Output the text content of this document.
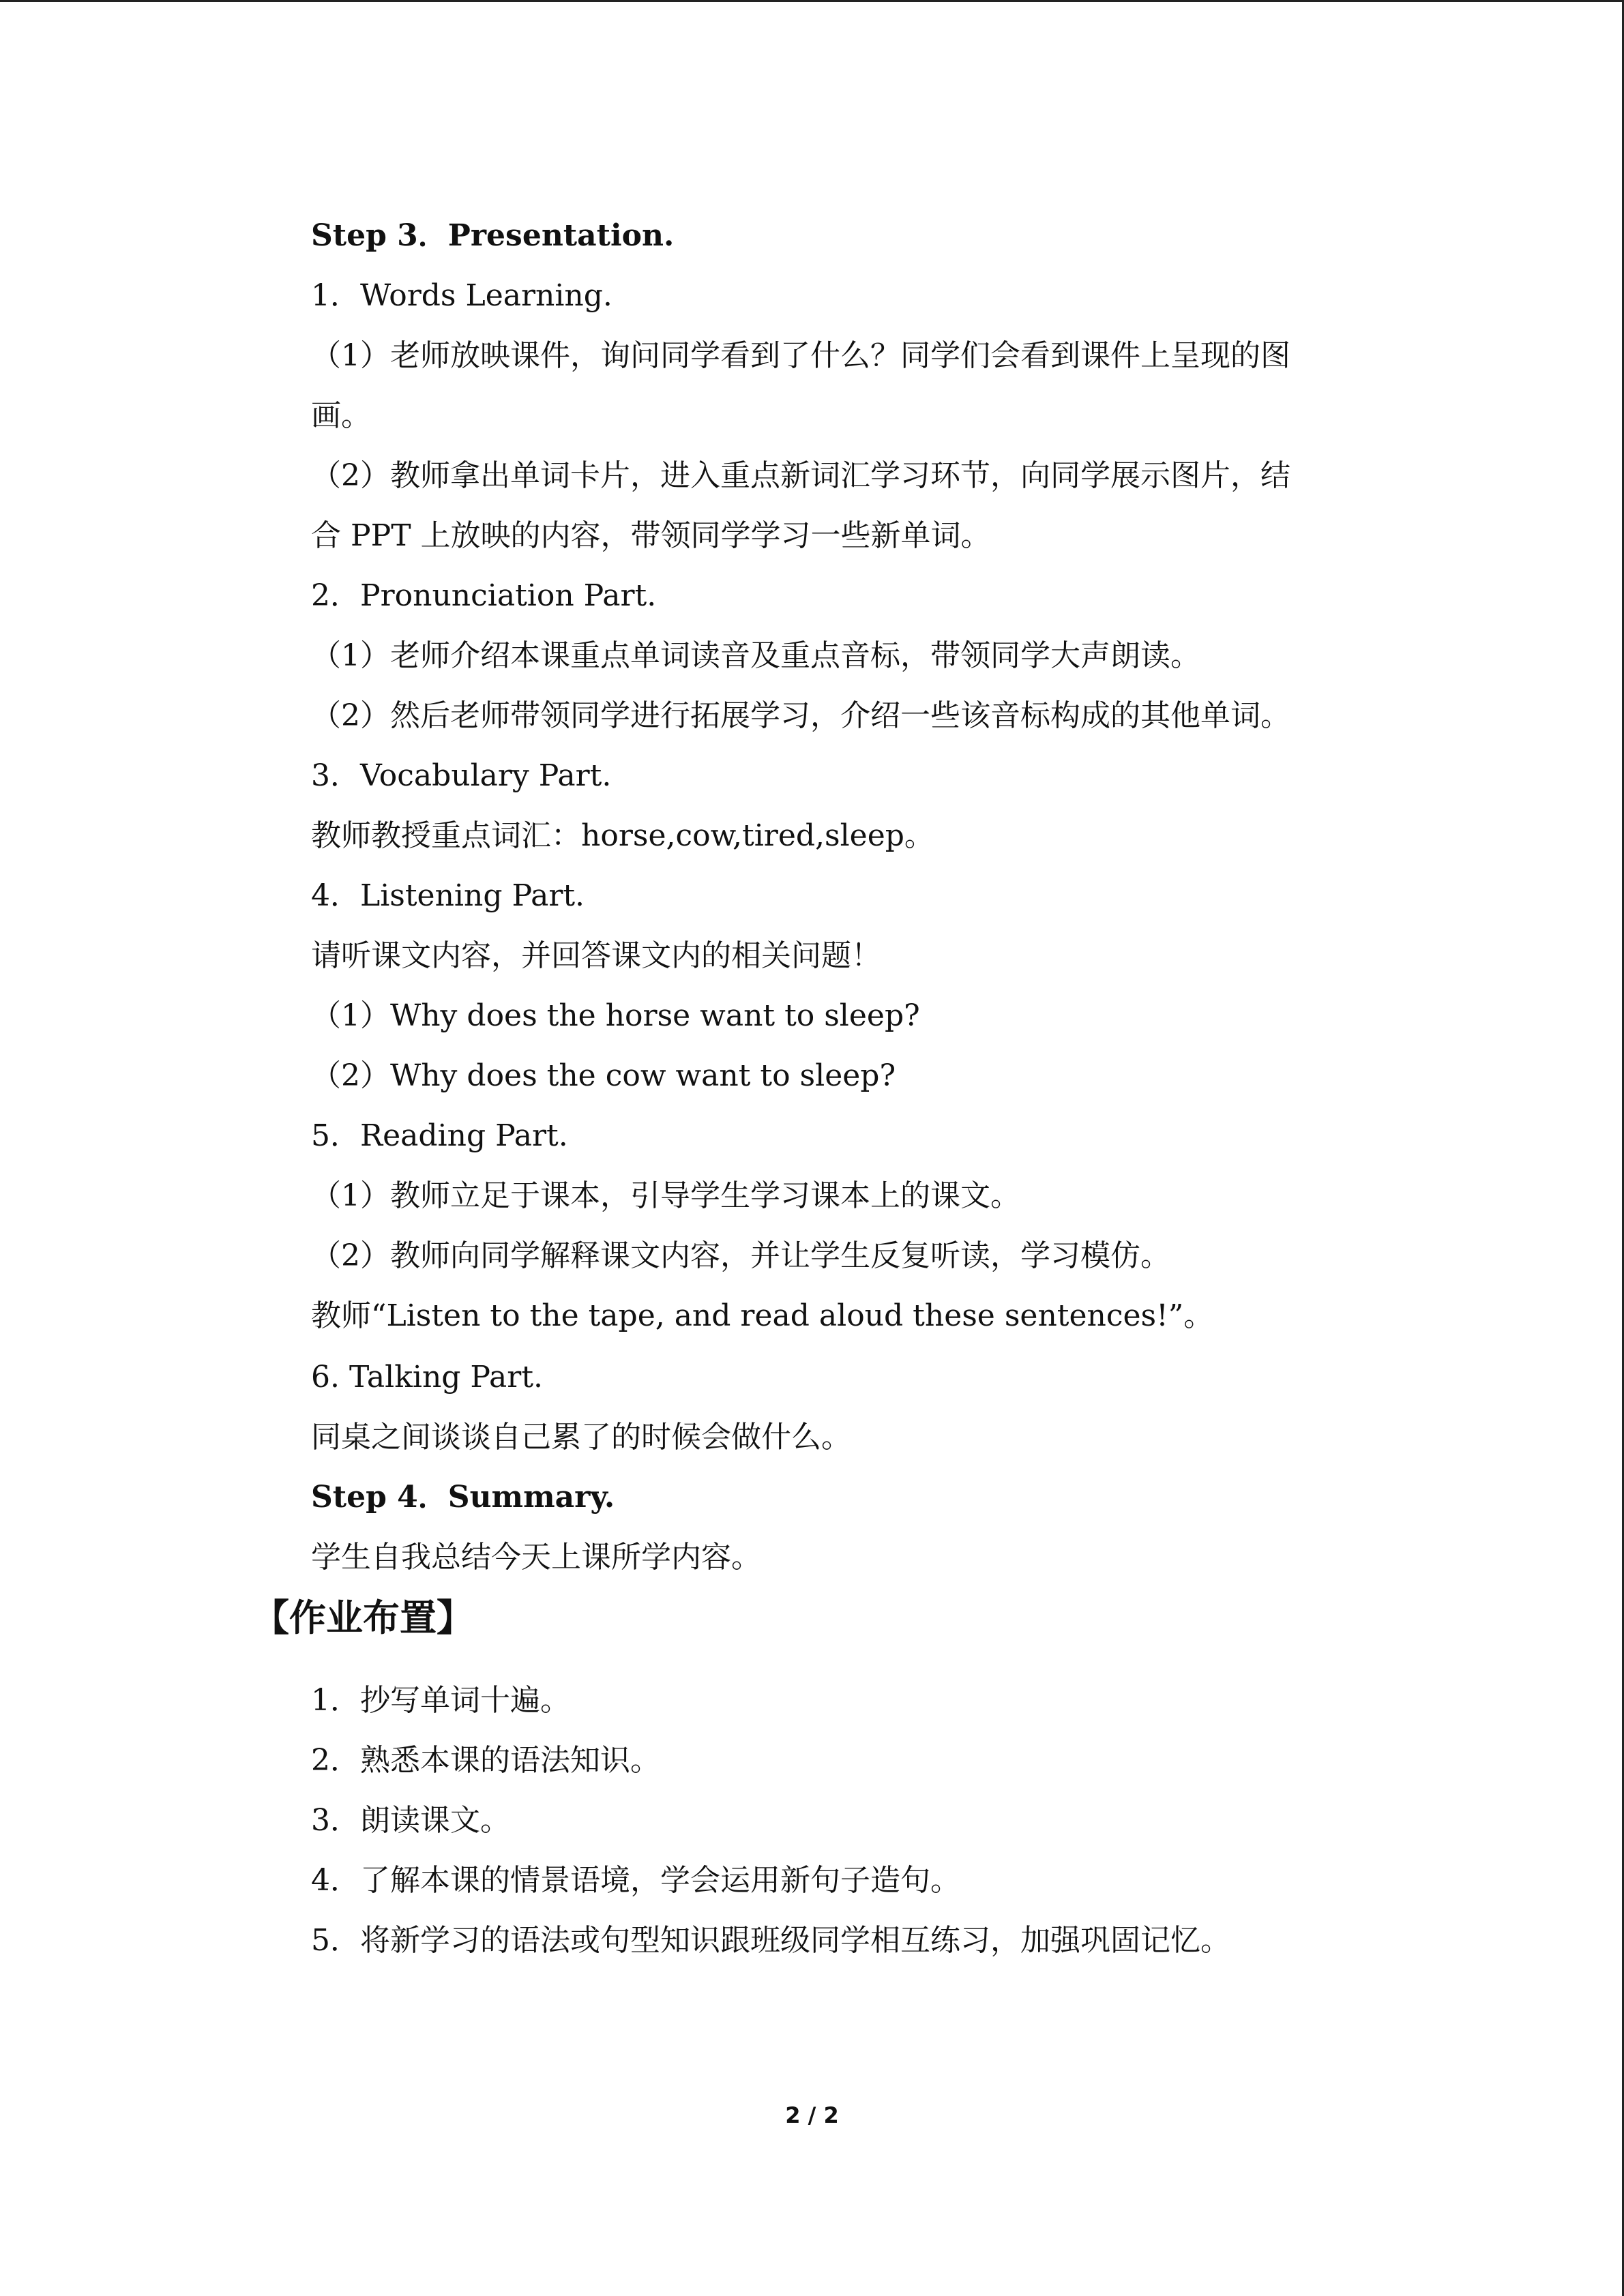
Step 3．Presentation.
1．Words Learning.
（1）老师放映课件，询问同学看到了什么？同学们会看到课件上呈现的图
画。
（2）教师拿出单词卡片，进入重点新词汇学习环节，向同学展示图片，结
合 PPT 上放映的内容，带领同学学习一些新单词。
2．Pronunciation Part.
（1）老师介绍本课重点单词读音及重点音标，带领同学大声朗读。
（2）然后老师带领同学进行拓展学习，介绍一些该音标构成的其他单词。
3．Vocabulary Part.
教师教授重点词汇：horse,cow,tired,sleep。
4．Listening Part.
请听课文内容，并回答课文内的相关问题！
（1）Why does the horse want to sleep?
（2）Why does the cow want to sleep?
5．Reading Part.
（1）教师立足于课本，引导学生学习课本上的课文。
（2）教师向同学解释课文内容，并让学生反复听读，学习模仿。
教师“Listen to the tape, and read aloud these sentences!”。
6. Talking Part.
同桌之间谈谈自己累了的时候会做什么。
Step 4．Summary.
学生自我总结今天上课所学内容。
【作业布置】
1．抄写单词十遍。
2．熟悉本课的语法知识。
3．朗读课文。
4．了解本课的情景语境，学会运用新句子造句。
5．将新学习的语法或句型知识跟班级同学相互练习，加强巩固记忆。
2 / 2
